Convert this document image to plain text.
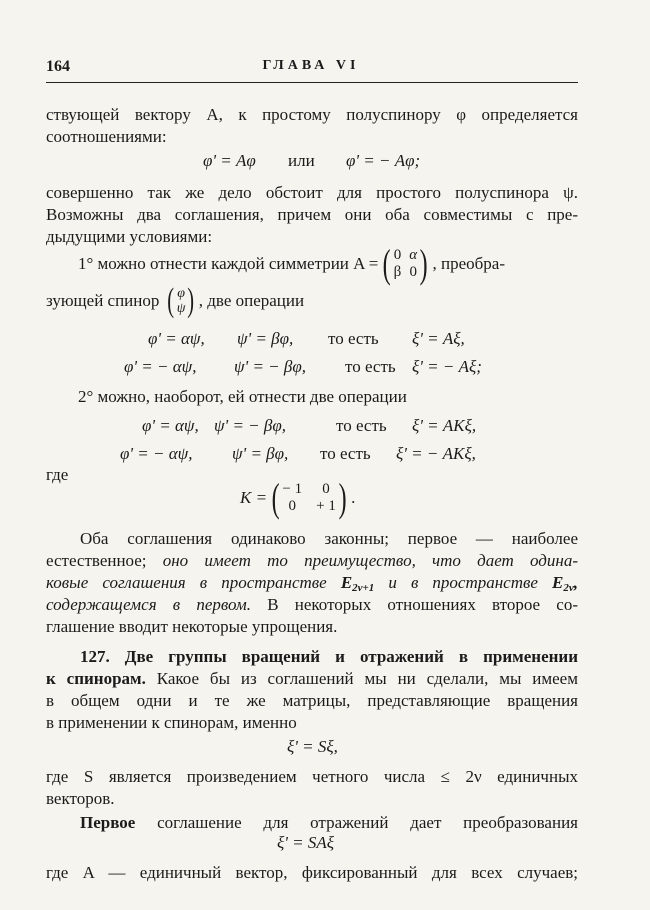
164	ГЛАВА VI
ствующей вектору A, к простому полуспинору φ определяется
соотношениями:
φ' = Aφ или φ' = − Aφ;
совершенно так же дело обстоит для простого полуспинора ψ.
Возможны два соглашения, причем они оба совместимы с пре-
дыдущими условиями:
1° можно отнести каждой симметрии A = ( 0 α
β 0 ) , преобра-
зующей спинор ( φ
ψ ) , две операции
φ' = αψ, ψ' = βφ, то есть ξ' = Aξ,
φ' = − αψ, ψ' = − βφ, то есть ξ' = − Aξ;
2° можно, наоборот, ей отнести две операции
φ' = αψ, ψ' = − βφ,	то есть ξ' = AKξ,
φ' = − αψ, ψ' = βφ, то есть ξ' = − AKξ,
где
K = ( − 1	0
0	+ 1 ) .
Оба соглашения одинаково законны; первое — наиболее
естественное; оно имеет то преимущество, что дает одина-
ковые соглашения в пространстве $E_{2\nu+1}$ и в пространстве $E_{2\nu}$,
содержащемся в первом. В некоторых отношениях второе со-
глашение вводит некоторые упрощения.
127. Две группы вращений и отражений в применении
к спинорам. Какое бы из соглашений мы ни сделали, мы имеем
в общем одни и те же матрицы, представляющие вращения
в применении к спинорам, именно
ξ' = Sξ,
где S является произведением четного числа ≤ 2ν единичных
векторов.
Первое соглашение для отражений дает преобразования
ξ' = SAξ
где A — единичный вектор, фиксированный для всех случаев;
